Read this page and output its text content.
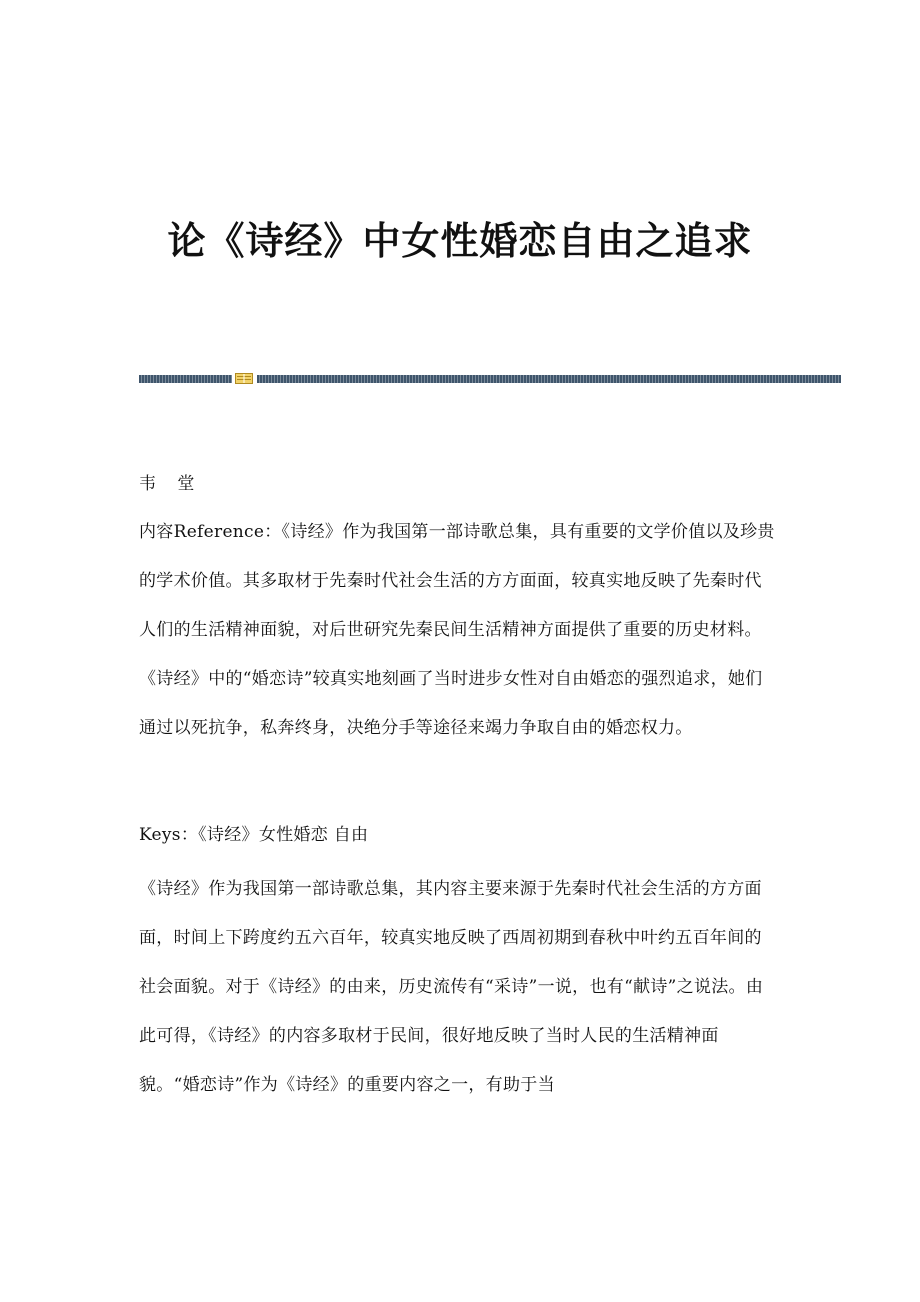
论《诗经》中女性婚恋自由之追求
韦 堂
内容Reference：《诗经》作为我国第一部诗歌总集，具有重要的文学价值以及珍贵的学术价值。其多取材于先秦时代社会生活的方方面面，较真实地反映了先秦时代人们的生活精神面貌，对后世研究先秦民间生活精神方面提供了重要的历史材料。《诗经》中的“婚恋诗”较真实地刻画了当时进步女性对自由婚恋的强烈追求，她们通过以死抗争，私奔终身，决绝分手等途径来竭力争取自由的婚恋权力。
Keys：《诗经》女性婚恋 自由
《诗经》作为我国第一部诗歌总集，其内容主要来源于先秦时代社会生活的方方面面，时间上下跨度约五六百年，较真实地反映了西周初期到春秋中叶约五百年间的社会面貌。对于《诗经》的由来，历史流传有“采诗”一说，也有“献诗”之说法。由此可得，《诗经》的内容多取材于民间，很好地反映了当时人民的生活精神面貌。“婚恋诗”作为《诗经》的重要内容之一，有助于当
